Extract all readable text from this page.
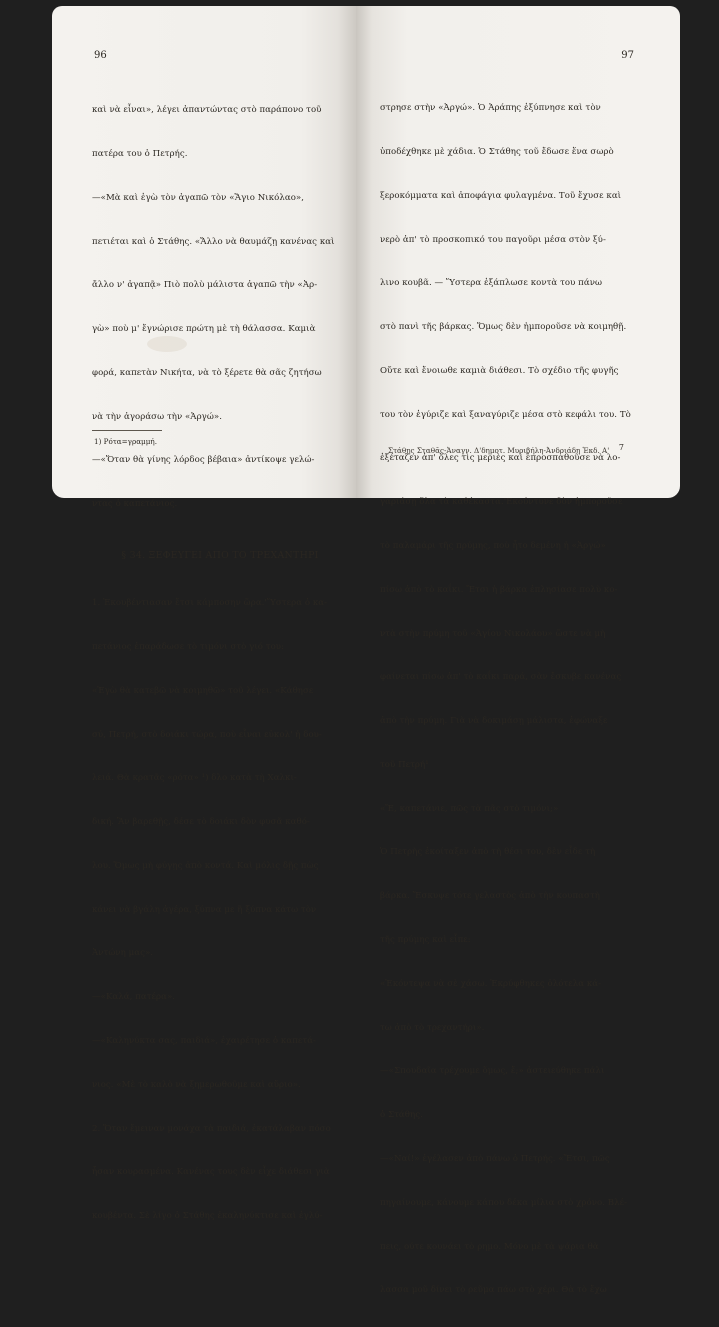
96

καὶ νὰ εἶναι», λέγει ἀπαντώντας στὸ παράπονο τοῦ

πατέρα του ὁ Πετρής.

—«Μὰ καὶ ἐγὼ τὸν ἀγαπῶ τὸν «Ἅγιο Νικόλαο»,

πετιέται καὶ ὁ Στάθης. «Ἄλλο νὰ θαυμάζῃ κανένας καὶ

ἄλλο ν' ἀγαπᾷ» Πιὸ πολὺ μάλιστα ἀγαπῶ τὴν «Ἀρ-

γὼ» ποὺ μ' ἔγνώρισε πρώτη μὲ τὴ θάλασσα. Καμιὰ

φορά, καπετὰν Νικήτα, νὰ τὸ ξέρετε θὰ σᾶς ζητήσω

νὰ τὴν ἀγοράσω τὴν «Ἀργώ».

—«Ὅταν θὰ γίνης λόρδος βέβαια» ἀντίκοψε γελώ-

ντας ὁ καπετάνιος.

§ 34. ΞΕΦΕΥΓΕΙ ΑΠΟ ΤΟ ΤΡΕΧΑΝΤΗΡΙ

1. Ἐκουβέντιασαν ἔτσι κάμποσην ὥρα.'Ὕστερα ὁ κα-

πετάνιος ἐπαράδωσε τὸ τιμόνι στὸ γιό του:

«Ἐγὼ θὰ κατεβῶ νὰ κοιμηθῶ» τοῦ λέγει. «Κάθησε

σύ, Πετρή, στὸ δοιάκι τώρα, ποὺ εἶναι εὐκολ' ἡ δου-

λειά. Θὰ κρατᾶς «ρότα» ¹) δλο κατὰ τὴ Χαλκι-

δική. Ἂν βαρεθῇς, δέσε τὸ δοιάκι δὸν φυσᾶ καθό-

λου. Ὅμως μὴ φύγῃς ἀπὸ κοντά. Καὶ μόλις δῇς πὼς

κάνει νὰ βγάλη ἀγέρα, ξύπνα με ἢ ξύπνα κάτω τὸν

Ἀντώνη μας».

—«Καλά, πατέρα».

—«Καληνύκτα σας, παιδιά», ἐχαιρέτησε ὁ καπετά-

νιος. «Μὲ τὸ καλὸ νὰ ξημερωθοῦμε καὶ αὔριο».

2. Ὅταν ἔμειναν μονάχα τὰ παιδιά, ἐκατάλαβαν πόσο

ἦσαν κουρασμένα. Κανένας τους δὲν εἶχε διάθεσι γιὰ

κουβέντα. Σὲ λίγο ὁ Στάθης ἐκαληνύκτισε καὶ ἐγλύ-

1) Ρότα=γραμμή.
97

στρησε στὴν «Ἀργώ». Ὁ Ἀράπης ἐξύπνησε καὶ τὸν

ὑποδέχθηκε μὲ χάδια. Ὁ Στάθης τοῦ ἔδωσε ἕνα σωρὸ

ξεροκόμματα καὶ ἀποφάγια φυλαγμένα. Τοῦ ἔχυσε καὶ

νερὸ ἀπ' τὸ προσκοπικό του παγοῦρι μέσα στὸν ξύ-

λινο κουβᾶ. — Ὕστερα ἐξάπλωσε κοντὰ του πάνω

στὸ πανὶ τῆς βάρκας. Ὅμως δὲν ἠμποροῦσε νὰ κοιμηθῇ.

Οὔτε καὶ ἔνοιωθε καμιὰ διάθεσι. Τὸ σχέδιο τῆς φυγῆς

του τὸν ἐγύριζε καὶ ξαναγύριζε μέσα στὸ κεφάλι του. Τὸ

ἐξέταζεν ἀπ' ὅλες τὶς μεριὲς καὶ ἐπροσπαθοῦσε νὰ λο-

γαριάσῃ ὅλα τὰ καθέκαστα.'Εκούντυνε δὸν ἠμποροῦσε

τὸ παλαμάρι τῆς πρύμης, ποὺ ἦτο δεμένη ἡ «Ἀργώ»

πίσω ἀπὸ τὸ καΐκι. Ἔτσι ἡ βάρκα ἐπλησίασε πολὺ κο-

ντὰ στὴν πρύμη τοῦ «Ἁγίου Νικολάου» ὥστε νὰ μὴ

φαίνεται πίσω ἀπ' τὸ καΐκι παρά, σὰν ἔσκυβε κανένας

ἀπὸ τὴν πρύμη. Γιὰ νὰ δοκιμάσῃ μάλιστα, ἐφώναξε

τοῦ Πετρή¹

«Ἔ, καπετάνιε, πῶς τὰ πᾶς στὸ τιμόνι;»

Ὁ Πετρὴς ἐκοίταξεν ἀπὸ τὴ θέσι του, δὲν εἶδε τὴ

βάρκα. Ἔσκυψε τότε γελαστὸς ἀπὸ τὴν κουπαστὴ

τῆς πρύμης καὶ εἶπε:

«Ἐκόντεψα νὰ σὲ χάσω. Ἐκρύφθηκες ὁλότελα κά-

τω ἀπὸ τὸ τρεχαντήρι».

—«Σπουδαῖα τρέχουμε ὅμως, ἔ;» ἀστειεύθηκε πάλι

ὁ Στάθης.

—«Ναί!» ἐγέλασεν ἀπὸ πάνω ὁ Πετρής. «Ἔτσι, πῶς

πηγαίνουμε, κάνουμε κάπου δέκα μίλια στὸ χρόνο. Βλέ-

πεις, ούτε κουνάει τὸ ρημο. Μόνο μὲ τὰ ψάρια θὰ

λασσα μοῦ δίνει τὸ ρεῦμα πάω στὸ χέρι. Θὰ τὸ ἔχω

Στάθης Σταθᾶς-Ἀναγν. Δ'δημοτ. Μυριβήλη-Ἀνδριάδη Ἑκδ. Α' 7
